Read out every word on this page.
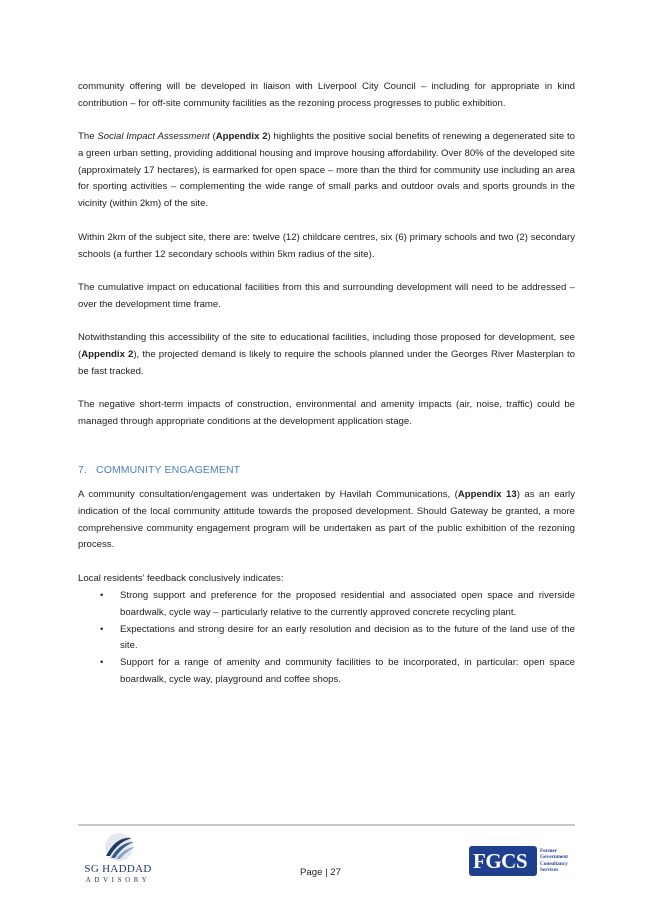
community offering will be developed in liaison with Liverpool City Council – including for appropriate in kind contribution – for off-site community facilities as the rezoning process progresses to public exhibition.

The Social Impact Assessment (Appendix 2) highlights the positive social benefits of renewing a degenerated site to a green urban setting, providing additional housing and improve housing affordability. Over 80% of the developed site (approximately 17 hectares), is earmarked for open space – more than the third for community use including an area for sporting activities – complementing the wide range of small parks and outdoor ovals and sports grounds in the vicinity (within 2km) of the site.

Within 2km of the subject site, there are: twelve (12) childcare centres, six (6) primary schools and two (2) secondary schools (a further 12 secondary schools within 5km radius of the site).

The cumulative impact on educational facilities from this and surrounding development will need to be addressed – over the development time frame.

Notwithstanding this accessibility of the site to educational facilities, including those proposed for development, see (Appendix 2), the projected demand is likely to require the schools planned under the Georges River Masterplan to be fast tracked.

The negative short-term impacts of construction, environmental and amenity impacts (air, noise, traffic) could be managed through appropriate conditions at the development application stage.

7.   COMMUNITY ENGAGEMENT

A community consultation/engagement was undertaken by Havilah Communications, (Appendix 13) as an early indication of the local community attitude towards the proposed development. Should Gateway be granted, a more comprehensive community engagement program will be undertaken as part of the public exhibition of the rezoning process.

Local residents’ feedback conclusively indicates:

• Strong support and preference for the proposed residential and associated open space and riverside boardwalk, cycle way – particularly relative to the currently approved concrete recycling plant.
• Expectations and strong desire for an early resolution and decision as to the future of the land use of the site.
• Support for a range of amenity and community facilities to be incorporated, in particular: open space boardwalk, cycle way, playground and coffee shops.
SG HADDAD
ADVISORY
Page | 27	FGCS Former
Government
Consultancy
Services
